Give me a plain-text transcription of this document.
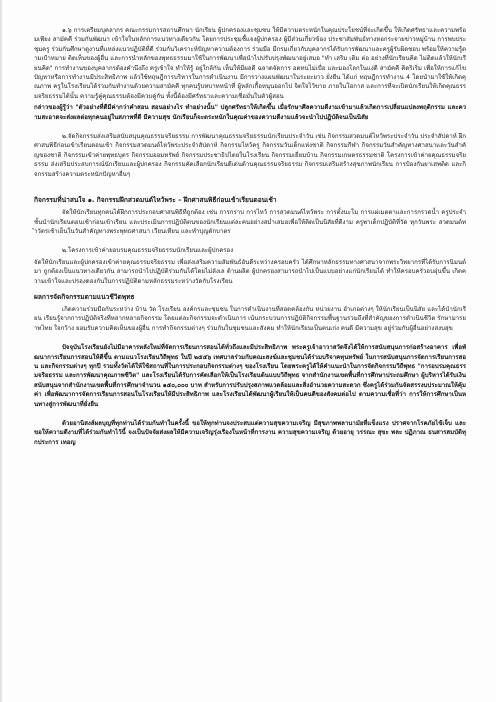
๑.๖ การเตรียมบุคลากร คณะกรรมการสถานศึกษา นักเรียน ผู้ปกครองและชุมชน ให้มีความตระหนักในคุณประโยชน์ที่จะเกิดขึ้น ให้เกิดศรัทธาและความพร้อมเพียง สามัคคี ร่วมกันพัฒนา เข้าใจในหลักการแนวทางเดียวกัน โดยการประชุมชี้แจงผู้ปกครอง ผู้มีส่วนเกี่ยวข้อง ประชาสัมพันธ์ทางหอกระจายข่าวหมู่บ้าน การพบประชุมครู ร่วมกันศึกษาดูงานที่แหล่งแนวปฏิบัติที่ดี ร่วมกันวิเคราะห์ปัญหาความต้องการ ร่วมมือ มีกรมเกี่ยวกับบุคลากรได้รับการพัฒนาและครูผู้รับผิดชอบ พร้อมให้ความรู้ตามเป้าหมาย ติดเห็นของผู้อื่น และการนำหลักของพุทธธรรมมาใช้ในการพัฒนาเพื่อนำไปปรับปรุงพัฒนาอยู่เสมอ "ทำ เสริม เติม ต่อ อย่างที่นักเรียนคิด ไม่ติดแล้วให้นักเรียนคิด" การทำงานของบุคลากรต้องคำนึงถึง ครูเข้าใจ ทำให้รู้ อยู่ใกล้กัน เห็นให้มีผลดี ฉลาดจัดการ อดทนไม่เบื่อ และมองโลกในแง่ดี สามัคคี คิดริเริ่ม เพื่อให้การแก้ไขปัญหาหรือการทำงานมีประสิทธิภาพ แล้วใช้ทฤษฎีการบริหารในการดำเนินงาน มีการวางแผนพัฒนาในระยะยาว ยั่งยืน ได้แก่ ทฤษฎีการทำงาน 4 โดยนำมาใช้ให้เกิดคุณภาพ ครูในโรงเรียนได้ร่วมกันทำงานด้วยความสามัคคี ทุกคนรู้บทบาทหน้าที่ ผู้หลักเกื้อหนุนออกไป จิตใจไว้ขาย ภายในโอกาส และการที่จะเปิดนักเรียนให้เกิดคุณธรรมจริยธรรมได้นั้น ความรู้คู่คุณธรรมต้องมีควบคู่กัน ทั้งนี้ต้องมีศรัทธาและความเชื่อมั่นในตัวผู้สอน

กล่าวของผู้รู้ว่า "ตัวอย่างที่ดีมีค่ากว่าคำสอน สอนอย่างไร ทำอย่างนั้น" ปลูกศรัทธาให้เกิดขึ้น เมื่อรักษาศีลความดีงามเข้ามาแล้วเกิดการเปลี่ยนแปลงพฤติกรรม และความสะอาดจะส่งผลต่อทุกคนอยู่ในสภาพที่ดี มีความสุข นักเรียนก็จะตระหนักในคุณค่าของความดีงามแล้วจะนำไปปฏิบัติจนเป็นนิสัย

๒.จัดกิจกรรมส่งเสริมสนับสนุนคุณธรรมจริยธรรม การพัฒนาคุณธรรมจริยธรรมนักเรียนประจำวัน เช่น กิจกรรมสวดมนต์ไหว้พระประจำวัน ประจำสัปดาห์ ฝึกศาสนพิธีก่อนเข้าเรียนตอนเช้า กิจกรรมสวดมนต์ไหว้พระประจำสัปดาห์ กิจกรรมไหว้ครู กิจกรรมวันเด็กแห่งชาติ กิจกรรมกีฬา กิจกรรมวันสำคัญทางศาสนาและวันสำคัญของชาติ กิจกรรมเข้าค่ายพุทธบุตร กิจกรรมออมทรัพย์ กิจกรรมประชาธิปไตยในโรงเรียน กิจกรรมเยี่ยมบ้าน กิจกรรมเกษตรธรรมชาติ โครงการเข้าค่ายคุณธรรมจริยธรรม ส่งเสริมประสบการณ์นักเรียนและผู้ปกครอง กิจกรรมคัดเลือกนักเรียนดีเด่นด้านคุณธรรมจริยธรรม กิจกรรมเสริมสร้างสุขภาพนักเรียน การป้องกันยาเสพติด และกิจกรรมสร้างความตระหนักปัญหาอื่นๆ

กิจกรรมที่น่าสนใจ ๑. กิจกรรมฝึกสวดมนต์ไหว้พระ – ฝึกศาสนพิธีก่อนเข้าเรียนตอนเช้า

จัดให้นักเรียนทุกคนได้ฝึกการประกอบศาสนพิธีที่ถูกต้อง เช่น การกราบ การไหว้ การสวดมนต์ไหว้พระ การตั้งนะโม การแผ่เมตตาและการกรวดน้ำ ครูประจำชั้นนำนักเรียนตอนเช้าก่อนเข้าเรียน และประเมินการปฏิบัติตนของนักเรียนแต่ละคนอย่างสม่ำเสมอเพื่อให้ติดเป็นนิสัยที่ดีงาม ครูพาเด็กปฏิบัติที่วัด ทุกวันพระ สวดมนต์ทำวัตรเช้าเย็นในวันสำคัญทางพระพุทธศาสนา เวียนเทียน และทำบุญตักบาตร

๒.โครงการเข้าค่ายอบรมคุณธรรมจริยธรรมนักเรียนและผู้ปกครอง

จัดให้นักเรียนและผู้ปกครองเข้าค่ายคุณธรรมจริยธรรม เพื่อส่งเสริมความสัมพันธ์อันดีระหว่างครอบครัว ได้ศึกษาหลักธรรมทางศาสนาจากพระวิทยากรที่ได้รับการนิมนต์มา ถูกต้องเป็นแนวทางเดียวกัน สามารถนำไปปฏิบัติร่วมกันได้โดยไม่ลังเล ด้านผลิต ผู้ปกครองสามารถนำไปเป็นแบบอย่างแก่นักเรียนได้ ทำให้ครอบครัวอบอุ่นขึ้น เกิดความเข้าใจและปรองดองกันในการปฏิบัติตามหลักธรรมระหว่างวัดกับโรงเรียน

ผลการจัดกิจกรรมตามแนวชีวิตพุทธ

เกิดความร่วมมือกันระหว่าง บ้าน วัด โรงเรียน องค์กรและชุมชน ในการดำเนินงานที่สอดคล้องกัน หน่วยงาน อำเภอต่างๆ ให้นักเรียนเป็นนิสัย และได้นำนักเรียน เรียนรู้จากการปฏิบัติจริงที่หลากหลายกิจกรรม โดยแต่ละกิจกรรมจะดำเนินการ เน้นกระบวนการปฏิบัติกิจกรรมพื้นฐานรวมถึงที่สำคัญของการดำเนินชีวิต รักษามารยาทไทย ใจกว้าง ยอมรับความคิดเห็นของผู้อื่น การทำกิจกรรมต่างๆ ร่วมกันในชุมชนและสังคม ทำให้นักเรียนเป็นคนเก่ง คนดี มีความสุข อยู่ร่วมกับผู้อื่นอย่างสงบสุข

ปัจจุบันโรงเรียนยังไม่มีอาคารหลังใหม่ที่จัดการเรียนการสอนได้ทั่วถึงและมีประสิทธิภาพ พระครูเจ้าอาวาสวัดจึงได้ให้การสนับสนุนการก่อสร้างอาคาร เพื่อพัฒนาการเรียนการสอนให้ดีขึ้น ตามแนวโรงเรียนวิถีพุทธ ในปี ๒๕๕๖ เทศบาลร่วมกับคณะสงฆ์และชุมชนได้ร่วมบริจาคทุนทรัพย์ ในการสนับสนุนการจัดการเรียนการสอน และกิจกรรมต่างๆ ทุกปี รวมทั้งวัดได้ให้ใช้สถานที่ในการประกอบกิจกรรมต่างๆ ของโรงเรียน โดยพระครูได้ให้คำแนะนำในการจัดกิจกรรมวิถีพุทธ "การอบรมคุณธรรมจริยธรรม และการพัฒนาคุณภาพชีวิต" และโรงเรียนได้รับการคัดเลือกให้เป็นโรงเรียนต้นแบบวิถีพุทธ จากสำนักงานเขตพื้นที่การศึกษาประถมศึกษา ผู้บริหารได้รับเงินสนับสนุนจากสำนักงานเขตพื้นที่การศึกษาจำนวน ๑๕๐,๐๐๐ บาท สำหรับการปรับปรุงสภาพแวดล้อมและสิ่งอำนวยความสะดวก ซึ่งครูได้ร่วมกันจัดสรรงบประมาณให้คุ้มค่า เพื่อพัฒนาการจัดการเรียนการสอนในโรงเรียนให้มีประสิทธิภาพ และโรงเรียนได้พัฒนาผู้เรียนให้เป็นคนดีของสังคมต่อไป ตามความเชื่อที่ว่า การให้การศึกษาเป็นหนทางสู่การพัฒนาที่ยั่งยืน

ด้วยอานิสงส์ผลบุญที่ทุกท่านได้ร่วมกันทำในครั้งนี้ ขอให้ทุกท่านจงประสบแต่ความสุขความเจริญ มีสุขภาพพลานามัยที่แข็งแรง ปราศจากโรคภัยไข้เจ็บ และขอให้ความดีงามที่ได้ร่วมกันทำไว้นี้ จงเป็นปัจจัยส่งผลให้มีความเจริญรุ่งเรืองในหน้าที่การงาน ความสุขความเจริญ ด้วยอายุ วรรณะ สุขะ พละ ปฏิภาณ ธนสารสมบัติทุกประการ เทอญ
